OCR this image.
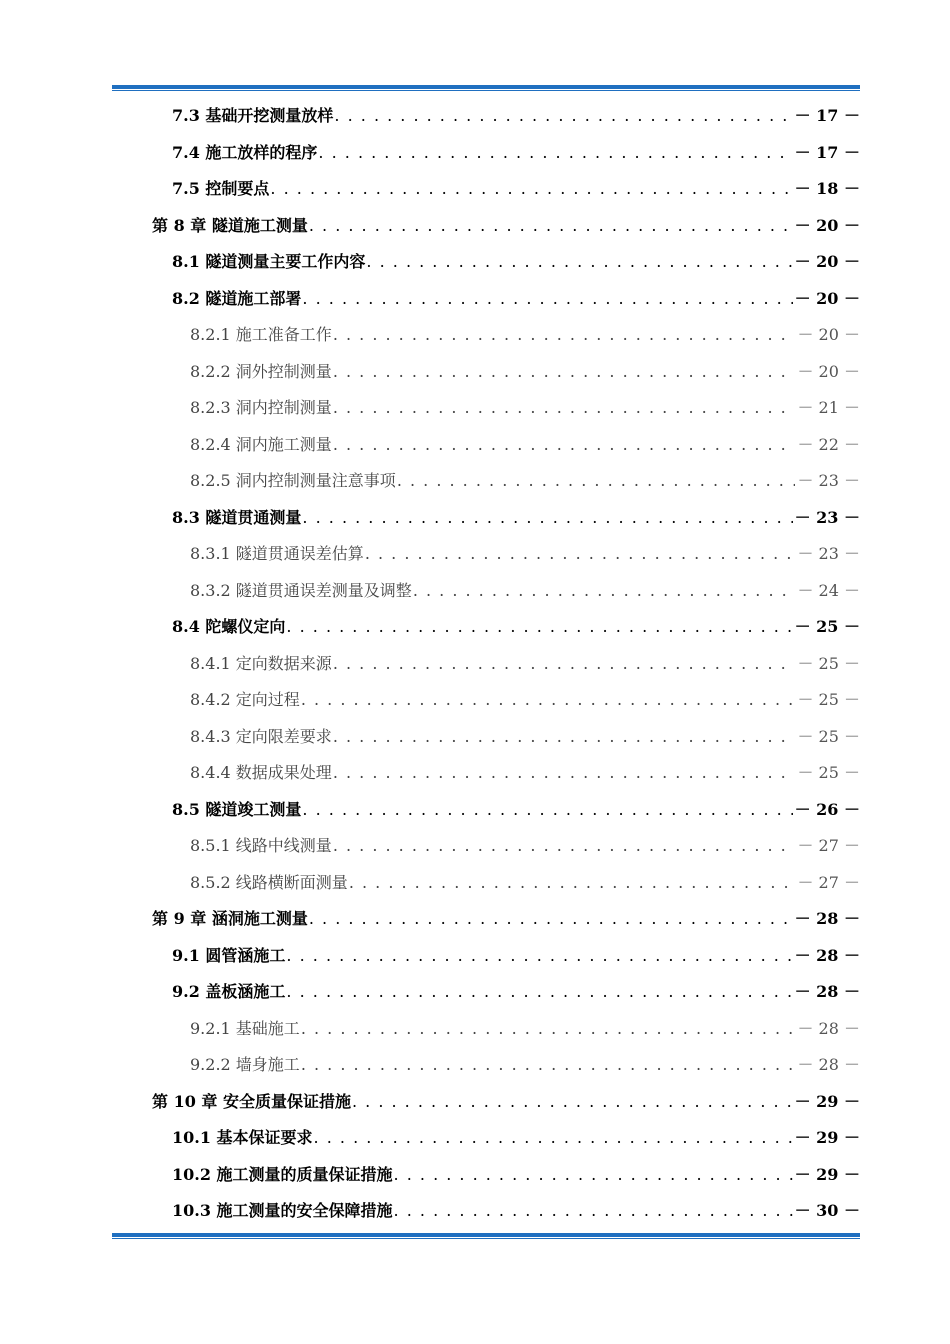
7.3 基础开挖测量放样 . . .	－ 17 －
7.4 施工放样的程序 . . .	－ 17 －
7.5 控制要点 . . .	－ 18 －
第 8 章 隧道施工测量 . . .	－ 20 －
8.1 隧道测量主要工作内容 . . .	－ 20 －
8.2 隧道施工部署 . . .	－ 20 －
8.2.1 施工准备工作 . . .	－ 20 －
8.2.2 洞外控制测量 . . .	－ 20 －
8.2.3 洞内控制测量 . . .	－ 21 －
8.2.4 洞内施工测量 . . .	－ 22 －
8.2.5 洞内控制测量注意事项 . . .	－ 23 －
8.3 隧道贯通测量 . . .	－ 23 －
8.3.1 隧道贯通误差估算 . . .	－ 23 －
8.3.2 隧道贯通误差测量及调整 . . .	－ 24 －
8.4 陀螺仪定向 . . .	－ 25 －
8.4.1 定向数据来源 . . .	－ 25 －
8.4.2 定向过程 . . .	－ 25 －
8.4.3 定向限差要求 . . .	－ 25 －
8.4.4 数据成果处理 . . .	－ 25 －
8.5 隧道竣工测量 . . .	－ 26 －
8.5.1 线路中线测量 . . .	－ 27 －
8.5.2 线路横断面测量 . . .	－ 27 －
第 9 章 涵洞施工测量 . . .	－ 28 －
9.1 圆管涵施工 . . .	－ 28 －
9.2 盖板涵施工 . . .	－ 28 －
9.2.1 基础施工 . . .	－ 28 －
9.2.2 墙身施工 . . .	－ 28 －
第 10 章 安全质量保证措施 . . .	－ 29 －
10.1 基本保证要求 . . .	－ 29 －
10.2 施工测量的质量保证措施 . . .	－ 29 －
10.3 施工测量的安全保障措施 . . .	－ 30 －
